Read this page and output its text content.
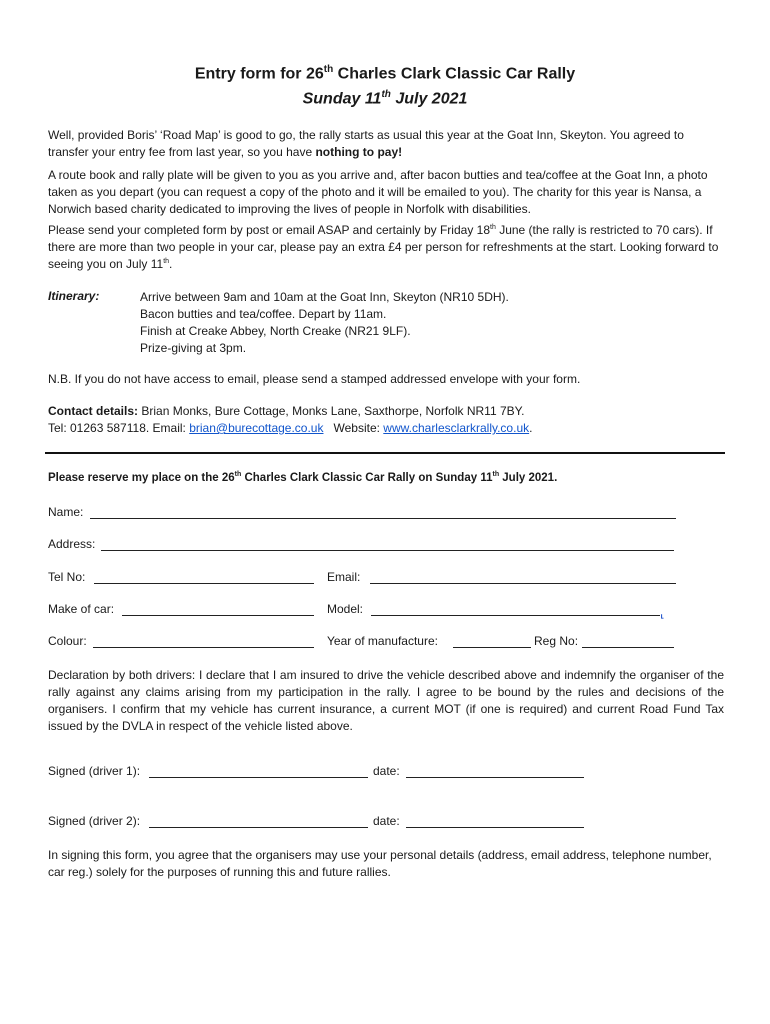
Entry form for 26th Charles Clark Classic Car Rally
Sunday 11th July 2021
Well, provided Boris’ ‘Road Map’ is good to go, the rally starts as usual this year at the Goat Inn, Skeyton. You agreed to transfer your entry fee from last year, so you have nothing to pay!
A route book and rally plate will be given to you as you arrive and, after bacon butties and tea/coffee at the Goat Inn, a photo taken as you depart (you can request a copy of the photo and it will be emailed to you). The charity for this year is Nansa, a Norwich based charity dedicated to improving the lives of people in Norfolk with disabilities.
Please send your completed form by post or email ASAP and certainly by Friday 18th June (the rally is restricted to 70 cars). If there are more than two people in your car, please pay an extra £4 per person for refreshments at the start. Looking forward to seeing you on July 11th.
Itinerary:	Arrive between 9am and 10am at the Goat Inn, Skeyton (NR10 5DH).
Bacon butties and tea/coffee. Depart by 11am.
Finish at Creake Abbey, North Creake (NR21 9LF).
Prize-giving at 3pm.
N.B. If you do not have access to email, please send a stamped addressed envelope with your form.
Contact details: Brian Monks, Bure Cottage, Monks Lane, Saxthorpe, Norfolk NR11 7BY.
Tel: 01263 587118. Email: brian@burecottage.co.uk   Website: www.charlesclarkrally.co.uk.
Please reserve my place on the 26th Charles Clark Classic Car Rally on Sunday 11th July 2021.
Name:
Address:
Tel No:	Email:
Make of car:	Model:	⸤
Colour:	Year of manufacture:	Reg No:
Declaration by both drivers: I declare that I am insured to drive the vehicle described above and indemnify the organiser of the rally against any claims arising from my participation in the rally. I agree to be bound by the rules and decisions of the organisers. I confirm that my vehicle has current insurance, a current MOT (if one is required) and current Road Fund Tax issued by the DVLA in respect of the vehicle listed above.
Signed (driver 1):	date:
Signed (driver 2):	date:
In signing this form, you agree that the organisers may use your personal details (address, email address, telephone number, car reg.) solely for the purposes of running this and future rallies.
